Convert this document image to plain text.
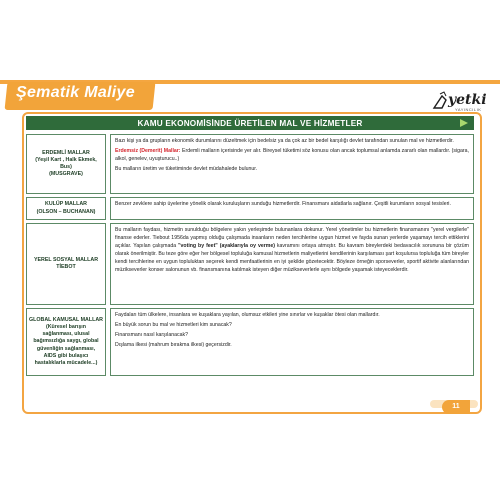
Şematik Maliye	yetki
YAYINCILIK
KAMU EKONOMİSİNDE ÜRETİLEN MAL VE HİZMETLER
ERDEMLİ MALLAR
(Yeşil Kart , Halk Ekmek,
Bus)
(MUSGRAVE)

Bazı kişi ya da grupların ekonomik durumlarını düzeltmek için bedelsiz ya da çok az bir bedel karşılığı devlet tarafından sunulan mal ve hizmetlerdir.

Erdemsiz (Demerit) Mallar: Erdemli malların içerisinde yer alır. Bireysel tüketimi söz konusu olan ancak toplumsal anlamda zararlı olan mallardır. (sigara, alkol, genelev, uyuşturucu..)

Bu malların üretim ve tüketiminde devlet müdahalede bulunur.

KULÜP MALLAR
(OLSON – BUCHANAN)

Benzer zevklere sahip üyelerine yönelik olarak kuruluşların sunduğu hizmetlerdir. Finansmanı aidatlarla sağlanır. Çeşitli kurumların sosyal tesisleri.

YEREL SOSYAL MALLAR
TİEBOT

Bu malların faydası, hizmetin sunulduğu bölgelere yakın yerleşimde bulunanlara dokunur. Yerel yönetimler bu hizmetlerin finansmanını "yerel vergilerle" finanse ederler. Tiebout 1956da yapmış olduğu çalışmada insanların neden tercihlerine uygun hizmet ve fayda sunan yerlerde yaşamayı tercih ettiklerini açıklar. Yapılan çalışmada "voting by feet" (ayaklarıyla oy verme) kavramını ortaya atmıştır. Bu kavram bireylerdeki bedavacılık sorununa bir çözüm olarak önerilmiştir. Bu teze göre eğer her bölgesel topluluğa kamusal hizmetlerin maliyetlerini kendilerinin karşılaması şart koşulursa topluluğa tüm bireyler kendi tercihlerine en uygun topluluktan seçerek kendi menfaatlerinin en iyi şekilde gözetecektir. Böyleze örneğin sporseverler, sportif aktivite alanlarından müzikseverler konser salonunun vb. finansmanına katılmak isteyen diğer müzikseverlerle aynı bölgede yaşamak isteyeceklerdir.

GLOBAL KAMUSAL MALLAR
(Küresel barışın
sağlanması, ulusal
bağımsızlığa saygı, global
güvenliğin sağlanması,
AIDS gibi bulaşıcı
hastalıklarla mücadele...)

Faydaları tüm ülkelere, insanlara ve kuşaklara yayılan, olumsuz etkileri yine sınırlar ve kuşaklar ötesi olan mallardır.

En büyük sorun bu mal ve hizmetleri kim sunacak?

Finansmanı nasıl karşılanacak?

Dışlama ilkesi (mahrum bırakma ilkesi) geçersizdir.

11
